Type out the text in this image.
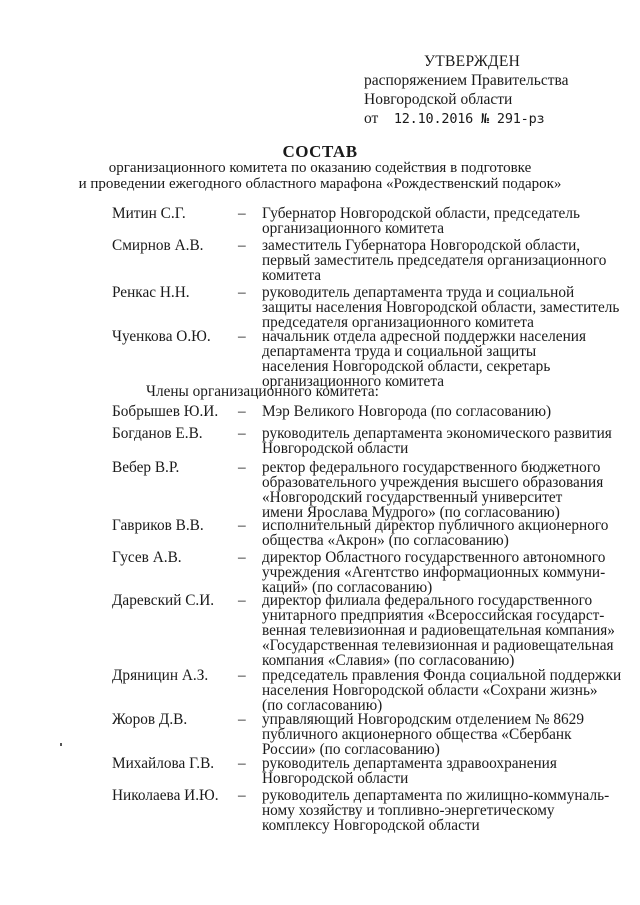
УТВЕРЖДЕН
распоряжением Правительства
Новгородской области
от 12.10.2016 № 291-рз
СОСТАВ
организационного комитета по оказанию содействия в подготовке
и проведении ежегодного областного марафона «Рождественский подарок»
Митин С.Г.	– Губернатор Новгородской области, председатель
организационного комитета
Смирнов А.В. – заместитель Губернатора Новгородской области,
первый заместитель председателя организационного
комитета
Ренкас Н.Н.	– руководитель департамента труда и социальной
защиты населения Новгородской области, заместитель
председателя организационного комитета
Чуенкова О.Ю. – начальник отдела адресной поддержки населения
департамента труда и социальной защиты
населения Новгородской области, секретарь
организационного комитета
Члены организационного комитета:
Бобрышев Ю.И. – Мэр Великого Новгорода (по согласованию)
Богданов Е.В. – руководитель департамента экономического развития
Новгородской области
Вебер В.Р.	– ректор федерального государственного бюджетного
образовательного учреждения высшего образования
«Новгородский государственный университет
имени Ярослава Мудрого» (по согласованию)
Гавриков В.В. – исполнительный директор публичного акционерного
общества «Акрон» (по согласованию)
Гусев А.В.	– директор Областного государственного автономного
учреждения «Агентство информационных коммуни-
каций» (по согласованию)
Даревский С.И. – директор филиала федерального государственного
унитарного предприятия «Всероссийская государст-
венная телевизионная и радиовещательная компания»
«Государственная телевизионная и радиовещательная
компания «Славия» (по согласованию)
Дряницин А.З. – председатель правления Фонда социальной поддержки
населения Новгородской области «Сохрани жизнь»
(по согласованию)
Жоров Д.В.	– управляющий Новгородским отделением № 8629
публичного акционерного общества «Сбербанк
России» (по согласованию)
Михайлова Г.В. – руководитель департамента здравоохранения
Новгородской области
Николаева И.Ю. – руководитель департамента по жилищно-коммуналь-
ному хозяйству и топливно-энергетическому
комплексу Новгородской области
